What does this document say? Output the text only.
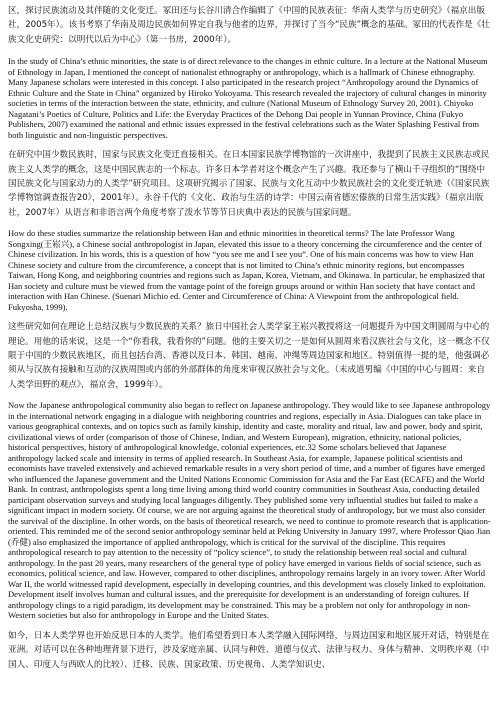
区，探讨民族流动及其伴随的文化变迁。冢田还与长谷川清合作编辑了《中国的民族表征：华南人类学与历史研究》（福京出版社，2005年）。该书考察了华南及周边民族如何界定自我与他者的边界，并探讨了当今“民族”概念的基础。冢田的代表作是《壮族文化史研究：以明代以后为中心》（第一书房，2000年）。

In the study of China’s ethnic minorities, the state is of direct relevance to the changes in ethnic culture. In a lecture at the National Museum of Ethnology in Japan, I mentioned the concept of nationalist ethnography or anthropology, which is a hallmark of Chinese ethnography. Many Japanese scholars were interested in this concept. I also participated in the research project “Anthropology around the Dynamics of Ethnic Culture and the State in China” organized by Hiroko Yokoyama. This research revealed the trajectory of cultural changes in minority societies in terms of the interaction between the state, ethnicity, and culture (National Museum of Ethnology Survey 20, 2001). Chiyoko Nagatani’s Poetics of Culture, Politics and Life: the Everyday Practices of the Dehong Dai people in Yunnan Province, China (Fukyo Publishers, 2007) examined the national and ethnic issues expressed in the festival celebrations such as the Water Splashing Festival from both linguistic and non-linguistic perspectives.

在研究中国少数民族时，国家与民族文化变迁直接相关。在日本国家民族学博物馆的一次讲座中，我提到了民族主义民族志或民族主义人类学的概念，这是中国民族志的一个标志。许多日本学者对这个概念产生了兴趣。我还参与了横山千寻组织的“围绕中国民族文化与国家动力的人类学”研究项目。这项研究揭示了国家、民族与文化互动中少数民族社会的文化变迁轨迹（《国家民族学博物馆调查报告20》，2001年）。永谷千代的《文化、政治与生活的诗学：中国云南省德宏傣族的日常生活实践》（福京出版社，2007年）从语言和非语言两个角度考察了泼水节等节日庆典中表达的民族与国家问题。

How do these studies summarize the relationship between Han and ethnic minorities in theoretical terms? The late Professor Wang Songxing(王崧兴), a Chinese social anthropologist in Japan, elevated this issue to a theory concerning the circumference and the center of Chinese civilization. In his words, this is a question of how “you see me and I see you”. One of his main concerns was how to view Han Chinese society and culture from the circumference, a concept that is not limited to China’s ethnic minority regions, but encompasses Taiwan, Hong Kong, and neighboring countries and regions such as Japan, Korea, Vietnam, and Okinawa. In particular, he emphasized that Han society and culture must be viewed from the vantage point of the foreign groups around or within Han society that have contact and interaction with Han Chinese. (Suenari Michio ed. Center and Circumference of China: A Viewpoint from the anthropological field. Fukyosha, 1999).

这些研究如何在理论上总结汉族与少数民族的关系？旅日中国社会人类学家王崧兴教授将这一问题提升为中国文明圆周与中心的理论。用他的话来说，这是一个“你看我，我看你的”问题。他的主要关切之一是如何从圆周来看汉族社会与文化，这一概念不仅限于中国的少数民族地区，而且包括台湾、香港以及日本、韩国、越南、冲绳等周边国家和地区。特别值得一提的是，他强调必须从与汉族有接触和互动的汉族周围或内部的外部群体的角度来审视汉族社会与文化。（末成道男编《中国的中心与圆周：来自人类学田野的观点》，福京舍，1999年）。

Now the Japanese anthropological community also began to reflect on Japanese anthropology. They would like to see Japanese anthropology in the international network engaging in a dialogue with neighboring countries and regions, especially in Asia. Dialogues can take place in various geographical contexts, and on topics such as family kinship, identity and caste, morality and ritual, law and power, body and spirit, civilizational views of order (comparison of those of Chinese, Indian, and Western European), migration, ethnicity, national policies, historical perspectives, history of anthropological knowledge, colonial experiences, etc.32 Some scholars believed that Japanese anthropology lacked scale and intensity in terms of applied research. In Southeast Asia, for example, Japanese political scientists and economists have traveled extensively and achieved remarkable results in a very short period of time, and a number of figures have emerged who influenced the Japanese government and the United Nations Economic Commission for Asia and the Far East (ECAFE) and the World Bank. In contrast, anthropologists spent a long time living among third world country communities in Southeast Asia, conducting detailed participant observation surveys and studying local languages diligently. They published some very influential studies but failed to make a significant impact in modern society. Of course, we are not arguing against the theoretical study of anthropology, but we must also consider the survival of the discipline. In other words, on the basis of theoretical research, we need to continue to promote research that is application-oriented. This reminded me of the second senior anthropology seminar held at Peking University in January 1997, where Professor Qiao Jian (乔健) also emphasized the importance of applied anthropology, which is critical for the survival of the discipline. This requires anthropological research to pay attention to the necessity of “policy science”, to study the relationship between real social and cultural anthropology. In the past 20 years, many researchers of the general type of policy have emerged in various fields of social science, such as economics, political science, and law. However, compared to other disciplines, anthropology remains largely in an ivory tower. After World War II, the world witnessed rapid development, especially in developing countries, and this development was closely linked to exploitation. Development itself involves human and cultural issues, and the prerequisite for development is an understanding of foreign cultures. If anthropology clings to a rigid paradigm, its development may be constrained. This may be a problem not only for anthropology in non-Western societies but also for anthropology in Europe and the United States.

如今，日本人类学界也开始反思日本的人类学。他们希望看到日本人类学融入国际网络，与周边国家和地区展开对话，特别是在亚洲。对话可以在各种地理背景下进行，涉及家庭亲属、认同与种姓、道德与仪式、法律与权力、身体与精神、文明秩序观（中国人、印度人与西欧人的比较）、迁移、民族、国家政策、历史视角、人类学知识史、
